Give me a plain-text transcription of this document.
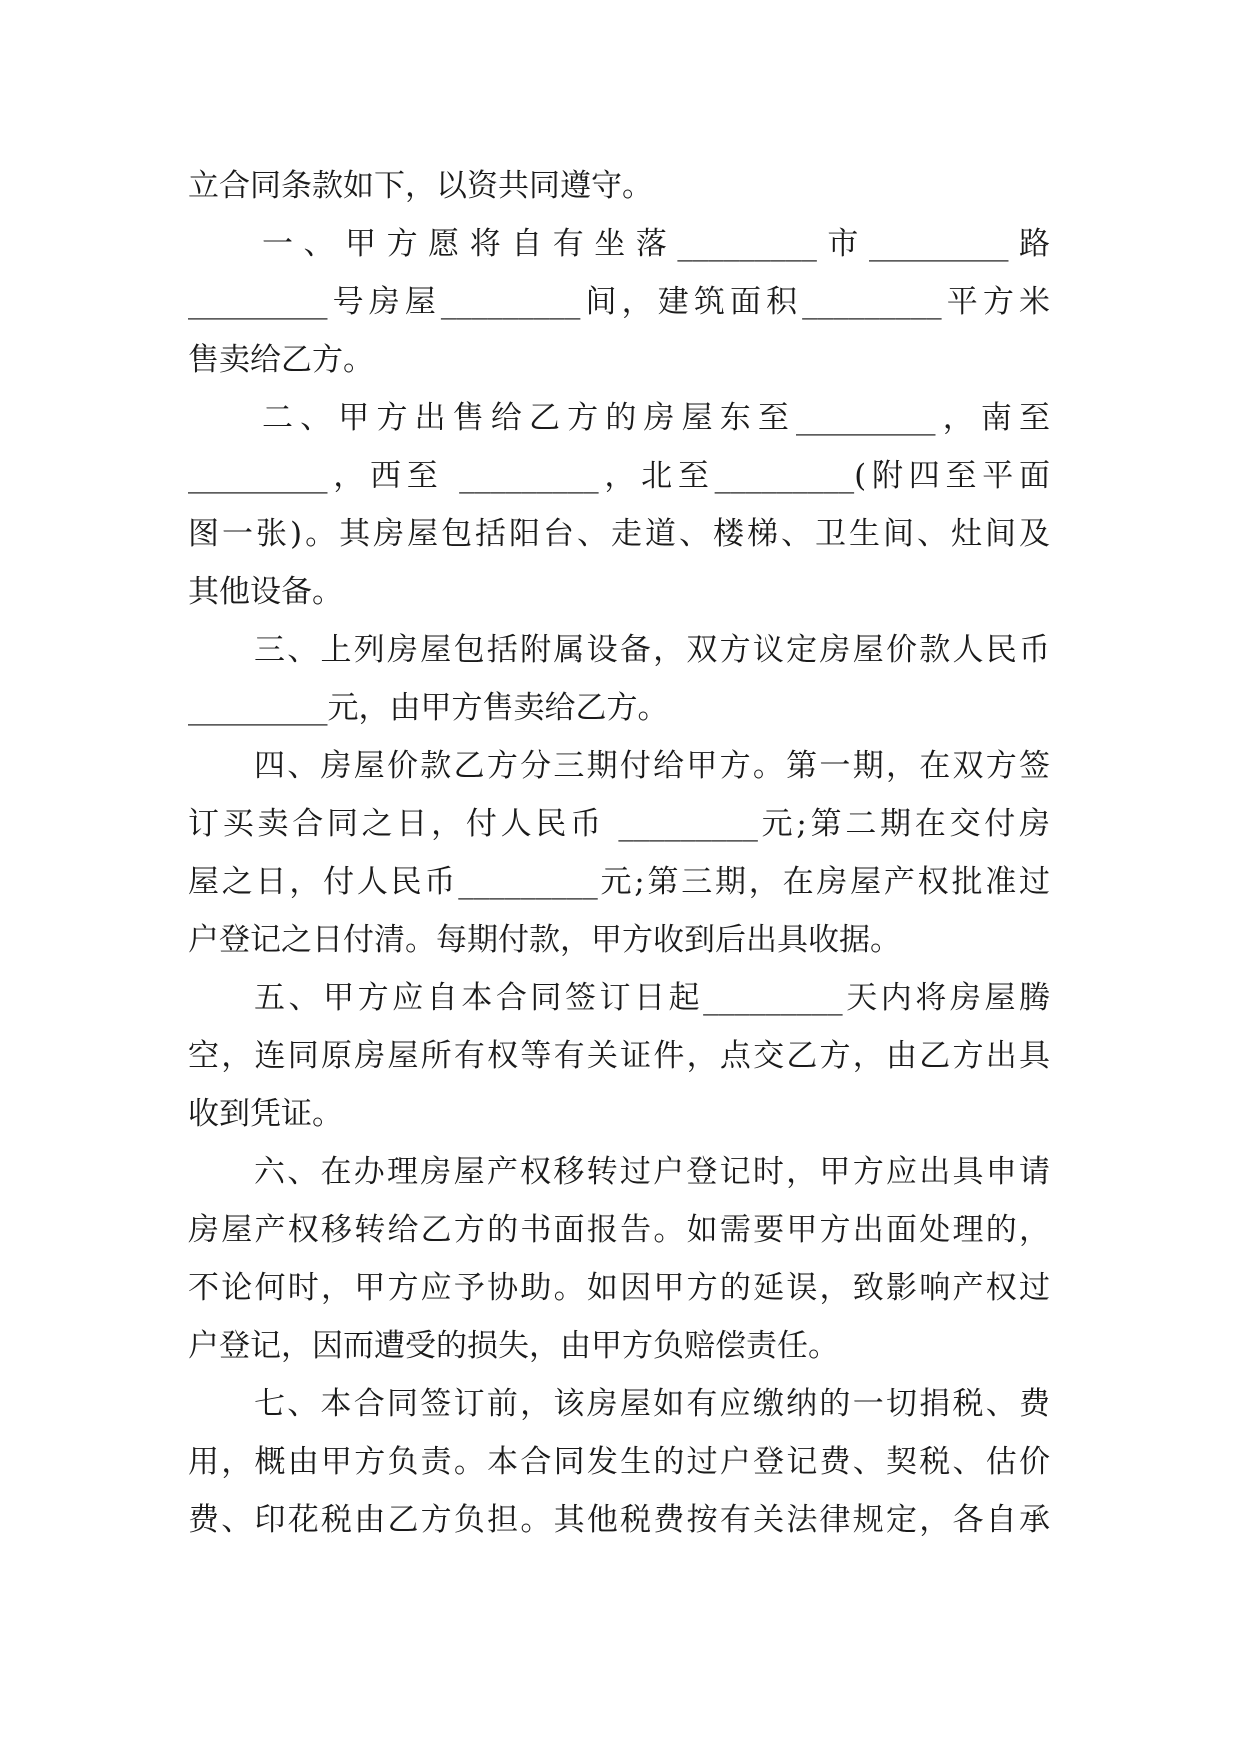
立合同条款如下，以资共同遵守。
一、甲方愿将自有坐落_________市_________路
_________号房屋_________间，建筑面积_________平方米
售卖给乙方。
二、甲方出售给乙方的房屋东至_________，南至
_________，西至 _________，北至_________(附四至平面
图一张)。其房屋包括阳台、走道、楼梯、卫生间、灶间及
其他设备。
三、上列房屋包括附属设备，双方议定房屋价款人民币
_________元，由甲方售卖给乙方。
四、房屋价款乙方分三期付给甲方。第一期，在双方签
订买卖合同之日，付人民币 _________元;第二期在交付房
屋之日，付人民币_________元;第三期，在房屋产权批准过
户登记之日付清。每期付款，甲方收到后出具收据。
五、甲方应自本合同签订日起_________天内将房屋腾
空，连同原房屋所有权等有关证件，点交乙方，由乙方出具
收到凭证。
六、在办理房屋产权移转过户登记时，甲方应出具申请
房屋产权移转给乙方的书面报告。如需要甲方出面处理的，
不论何时，甲方应予协助。如因甲方的延误，致影响产权过
户登记，因而遭受的损失，由甲方负赔偿责任。
七、本合同签订前，该房屋如有应缴纳的一切捐税、费
用，概由甲方负责。本合同发生的过户登记费、契税、估价
费、印花税由乙方负担。其他税费按有关法律规定，各自承
